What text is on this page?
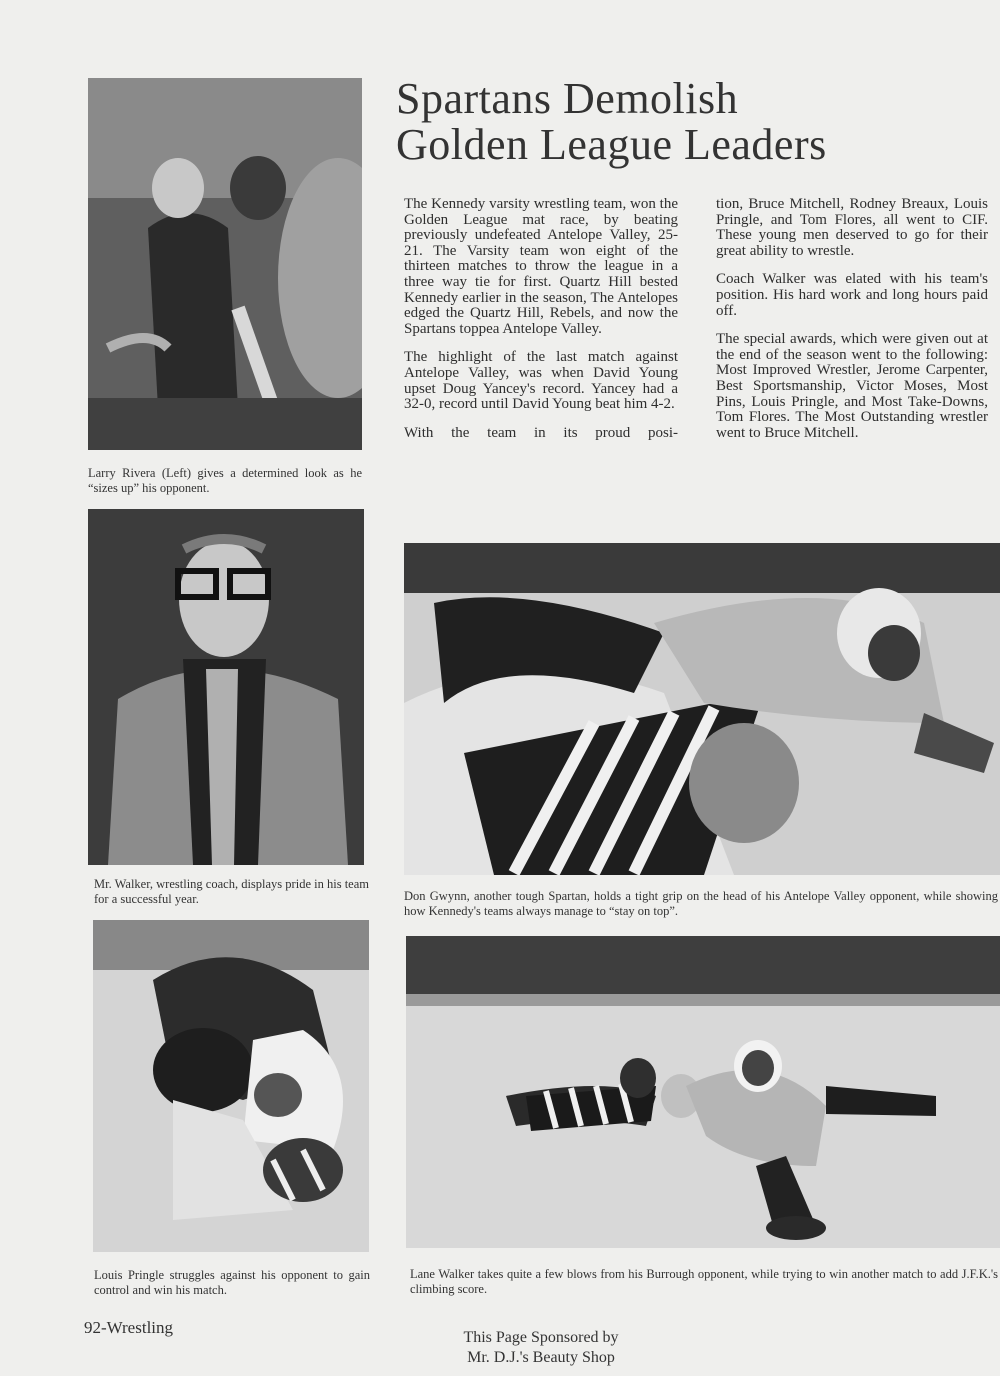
Larry Rivera (Left) gives a determined look as he “sizes up” his opponent.
Spartans Demolish
Golden League Leaders

The Kennedy varsity wrestling team, won the Golden League mat race, by beating previously undefeated Antelope Valley, 25-21. The Varsity team won eight of the thirteen matches to throw the league in a three way tie for first. Quartz Hill bested Kennedy earlier in the season, The Antelopes edged the Quartz Hill, Rebels, and now the Spartans toppea Antelope Valley.

The highlight of the last match against Antelope Valley, was when David Young upset Doug Yancey's record. Yancey had a 32-0, record until David Young beat him 4-2.

With the team in its proud posi-

tion, Bruce Mitchell, Rodney Breaux, Louis Pringle, and Tom Flores, all went to CIF. These young men deserved to go for their great ability to wrestle.

Coach Walker was elated with his team's position. His hard work and long hours paid off.

The special awards, which were given out at the end of the season went to the following: Most Improved Wrestler, Jerome Carpenter, Best Sportsmanship, Victor Moses, Most Pins, Louis Pringle, and Most Take-Downs, Tom Flores. The Most Outstanding wrestler went to Bruce Mitchell.

Mr. Walker, wrestling coach, displays pride in his team for a successful year.	Don Gwynn, another tough Spartan, holds a tight grip on the head of his Antelope Valley opponent, while showing how Kennedy's teams always manage to “stay on top”.
Louis Pringle struggles against his opponent to gain control and win his match.
Lane Walker takes quite a few blows from his Burrough opponent, while trying to win another match to add J.F.K.'s climbing score.
92-Wrestling
This Page Sponsored by
Mr. D.J.'s Beauty Shop
